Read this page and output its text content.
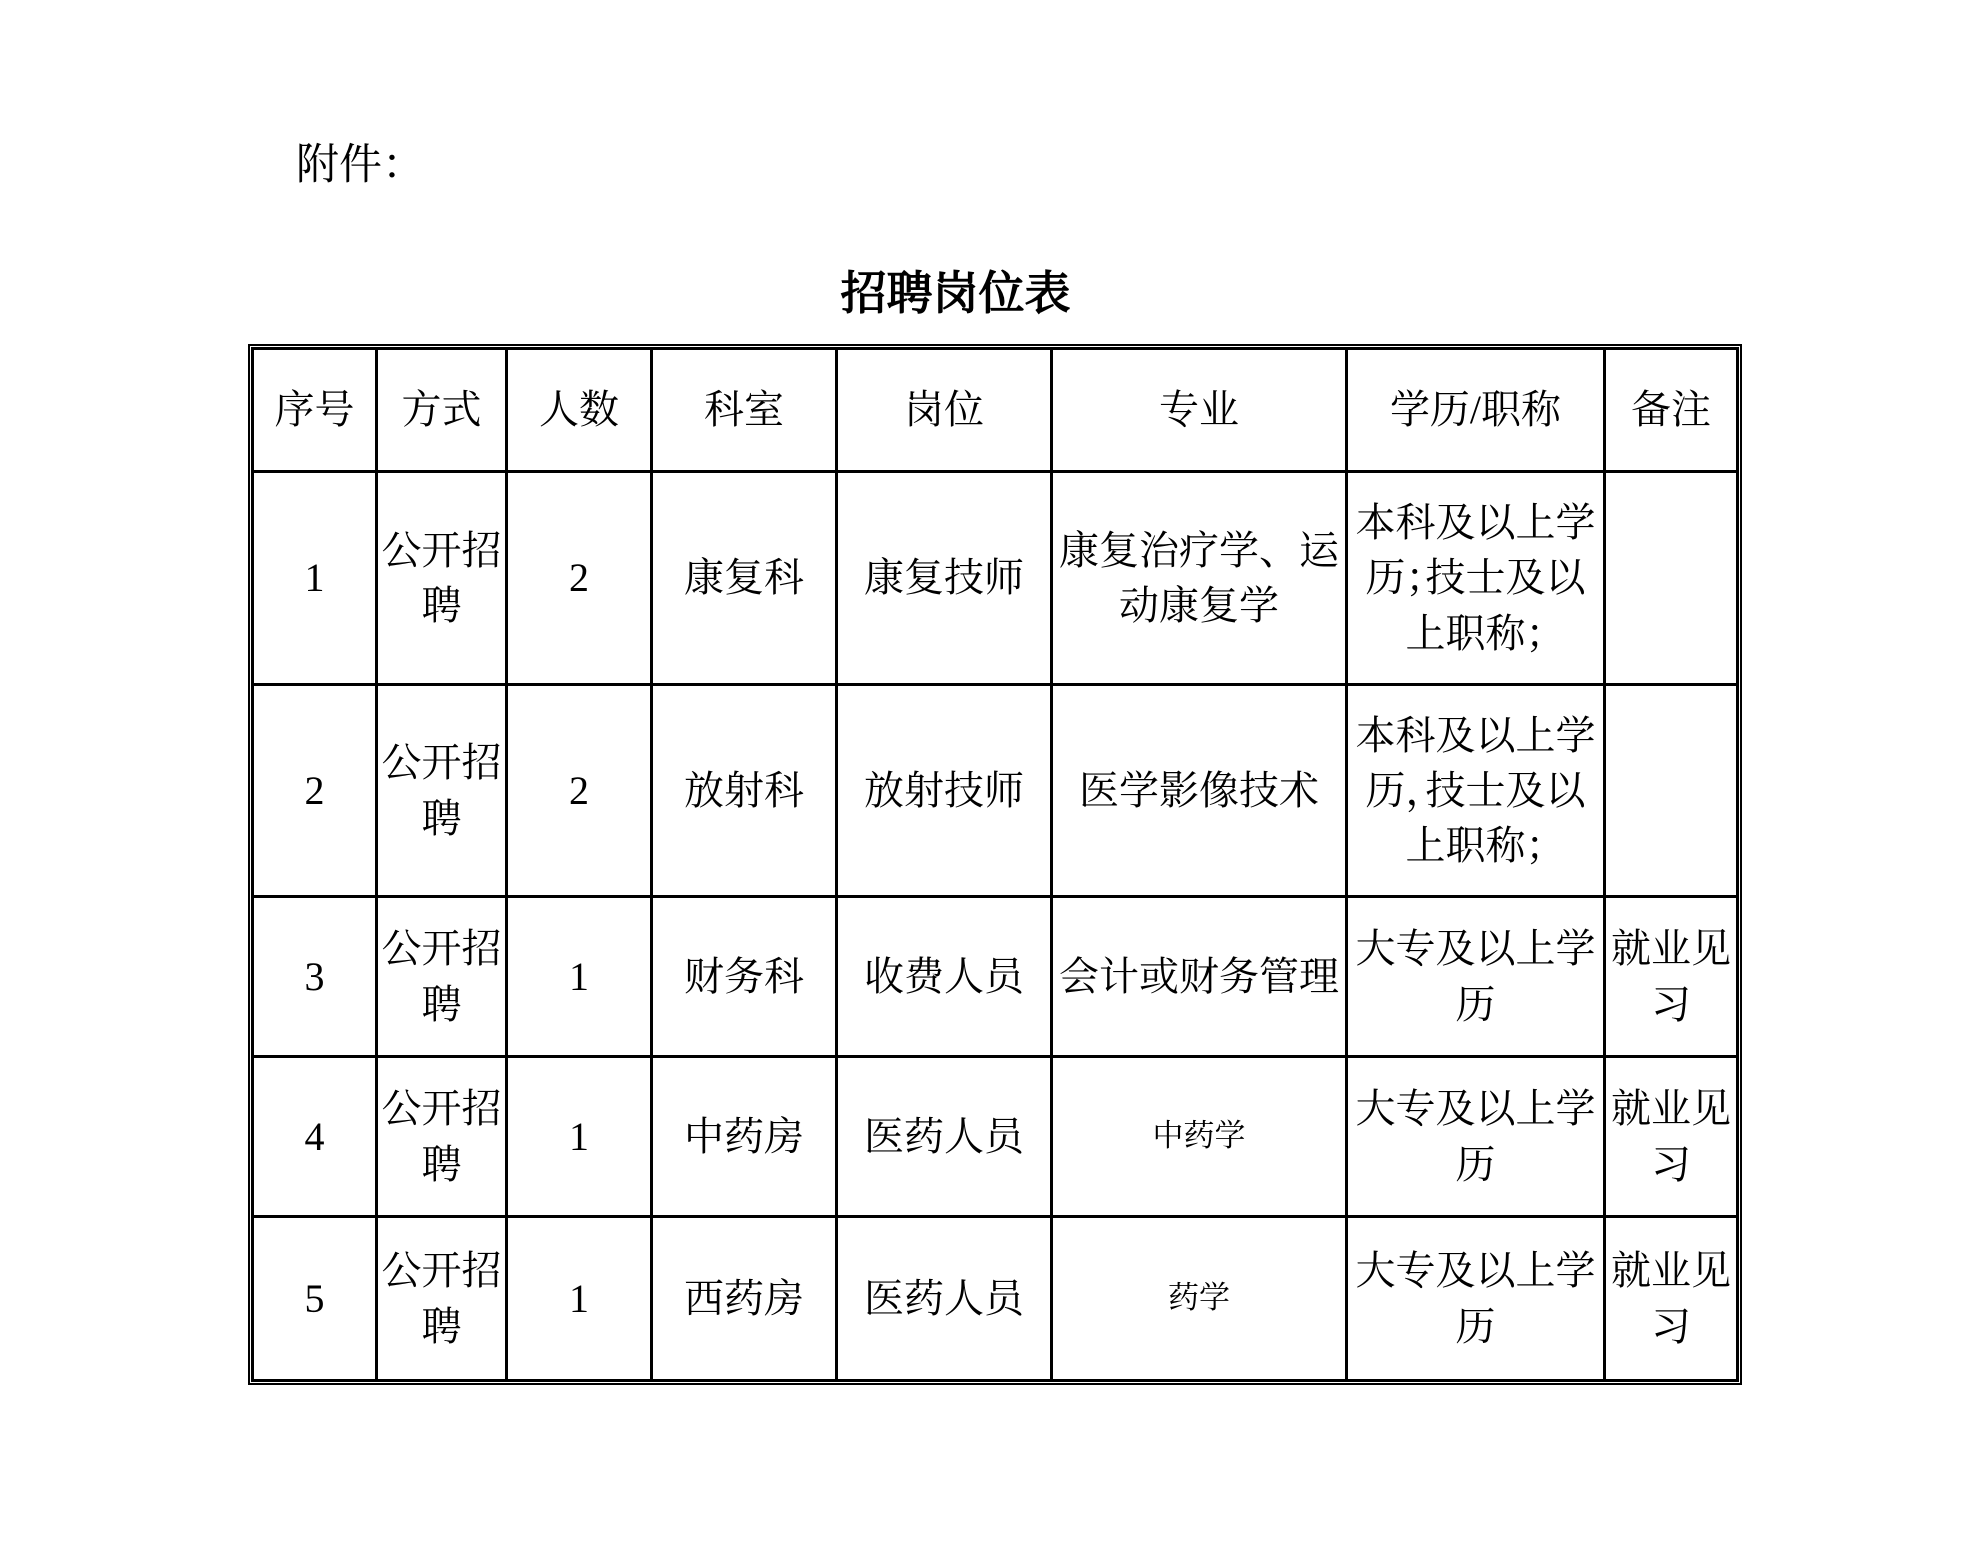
附件：
招聘岗位表
序号	方式	人数	科室	岗位	专业	学历/职称	备注
1	公开招聘	2	康复科	康复技师	康复治疗学、运动康复学	本科及以上学历；技士及以上职称；	
2	公开招聘	2	放射科	放射技师	医学影像技术	本科及以上学历，技士及以上职称；	
3	公开招聘	1	财务科	收费人员	会计或财务管理	大专及以上学历	就业见习
4	公开招聘	1	中药房	医药人员	中药学	大专及以上学历	就业见习
5	公开招聘	1	西药房	医药人员	药学	大专及以上学历	就业见习
